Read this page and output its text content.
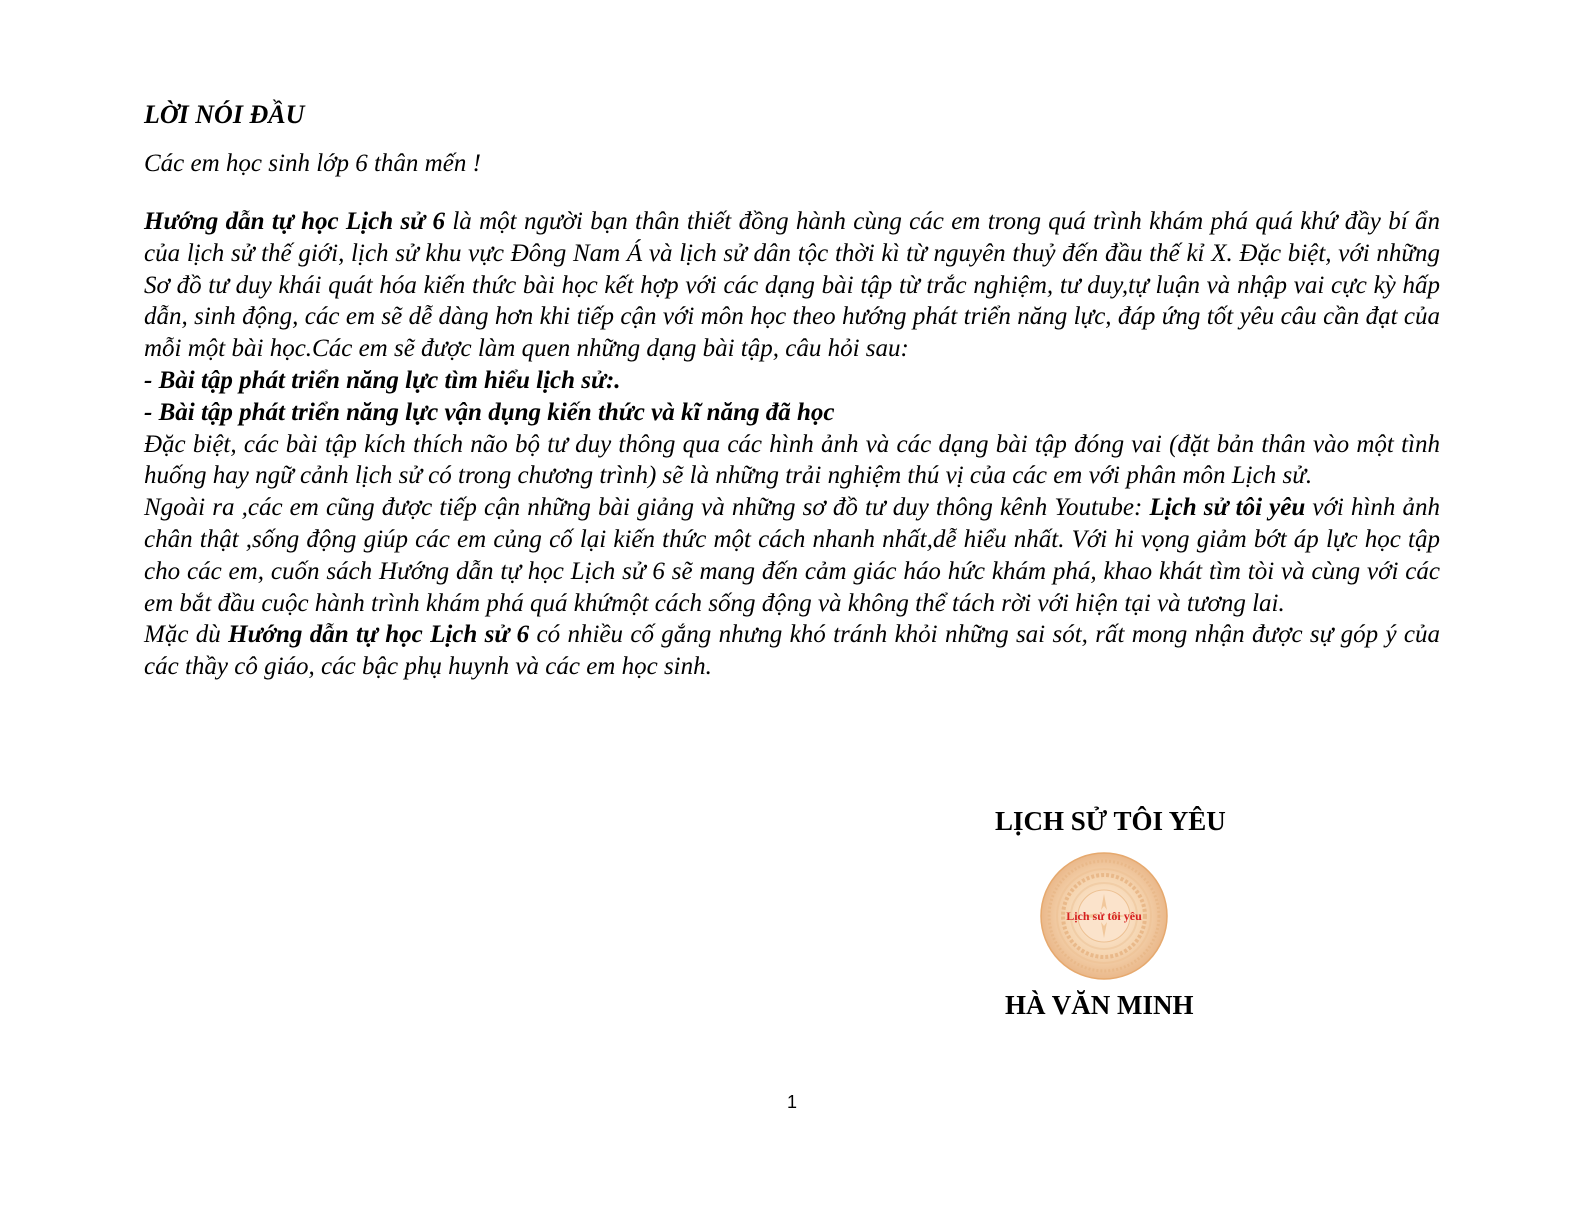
LỜI NÓI ĐẦU

Các em học sinh lớp 6 thân mến !

Hướng dẫn tự học Lịch sử 6 là một người bạn thân thiết đồng hành cùng các em trong quá trình khám phá quá khứ đầy bí ẩn của lịch sử thế giới, lịch sử khu vực Đông Nam Á và lịch sử dân tộc thời kì từ nguyên thuỷ đến đầu thế kỉ X. Đặc biệt, với những Sơ đồ tư duy khái quát hóa kiến thức bài học kết hợp với các dạng bài tập từ trắc nghiệm, tư duy,tự luận và nhập vai cực kỳ hấp dẫn, sinh động, các em sẽ dễ dàng hơn khi tiếp cận với môn học theo hướng phát triển năng lực, đáp ứng tốt yêu câu cần đạt của mỗi một bài học.Các em sẽ được làm quen những dạng bài tập, câu hỏi sau:

- Bài tập phát triển năng lực tìm hiểu lịch sử:.

- Bài tập phát triển năng lực vận dụng kiến thức và kĩ năng đã học

Đặc biệt, các bài tập kích thích não bộ tư duy thông qua các hình ảnh và các dạng bài tập đóng vai (đặt bản thân vào một tình huống hay ngữ cảnh lịch sử có trong chương trình) sẽ là những trải nghiệm thú vị của các em với phân môn Lịch sử.

Ngoài ra ,các em cũng được tiếp cận những bài giảng và những sơ đồ tư duy thông kênh Youtube: Lịch sử tôi yêu với hình ảnh chân thật ,sống động giúp các em củng cố lại kiến thức một cách nhanh nhất,dễ hiểu nhất. Với hi vọng giảm bớt áp lực học tập cho các em, cuốn sách Hướng dẫn tự học Lịch sử 6 sẽ mang đến cảm giác háo hức khám phá, khao khát tìm tòi và cùng với các em bắt đầu cuộc hành trình khám phá quá khứmột cách sống động và không thể tách rời với hiện tại và tương lai.

Mặc dù Hướng dẫn tự học Lịch sử 6 có nhiều cố gắng nhưng khó tránh khỏi những sai sót, rất mong nhận được sự góp ý của các thầy cô giáo, các bậc phụ huynh và các em học sinh.

LỊCH SỬ TÔI YÊU

Lịch sử tôi yêu

HÀ VĂN MINH

1
